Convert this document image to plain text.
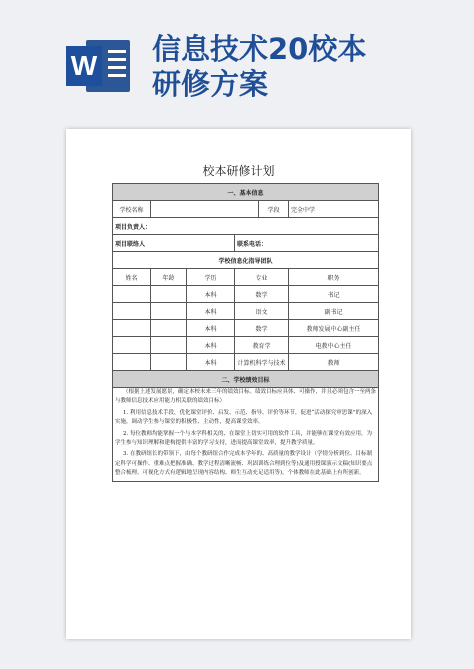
W 信息技术20校本
研修方案
校本研修计划
一、基本信息					
学校名称				学段	完全中学
项目负责人：					
项目联络人			联系电话：		
学校信息化指导团队					
姓名	年龄	学历	专业		职务
		本科	数学		书记
		本科	语文		副书记
		本科	数学		教师发展中心副主任
		本科	教育学		电教中心主任
		本科	计算机科学与技术		教师
二、学校绩效目标					

（根据上述发展愿景，确定本校未来三年的绩效目标。绩效目标应具体、可操作，并且必须包含一至两条与教师信息技术应用能力相关联的绩效目标）

1. 利用信息技术手段，优化课堂评价、启发、示范、指导、评价等环节，促进“活动探究审思课”的深入实施，调动学生参与课堂的积极性、主动性，提高课堂效率。

2. 每位教师均能掌握一个与本学科相关的、在课堂上切实可用的软件工具，并能够在课堂有效应用，为学生参与知识理解和建构提供丰富的学习支持，进而提高课堂效率，提升教学质量。

3. 在教研组长的带领下，由每个教研组合作完成本学年的、高质量的教学设计（学情分析到位、目标制定科学可操作、重难点把握准确、教学过程清晰流畅、巩固训练合理到位等)及通用授课演示文稿(知识要点整合梳理、可视化方式有逻辑地呈现内容结构、师生互动充足适用等)，个体教师在此基础上有所创新。					
